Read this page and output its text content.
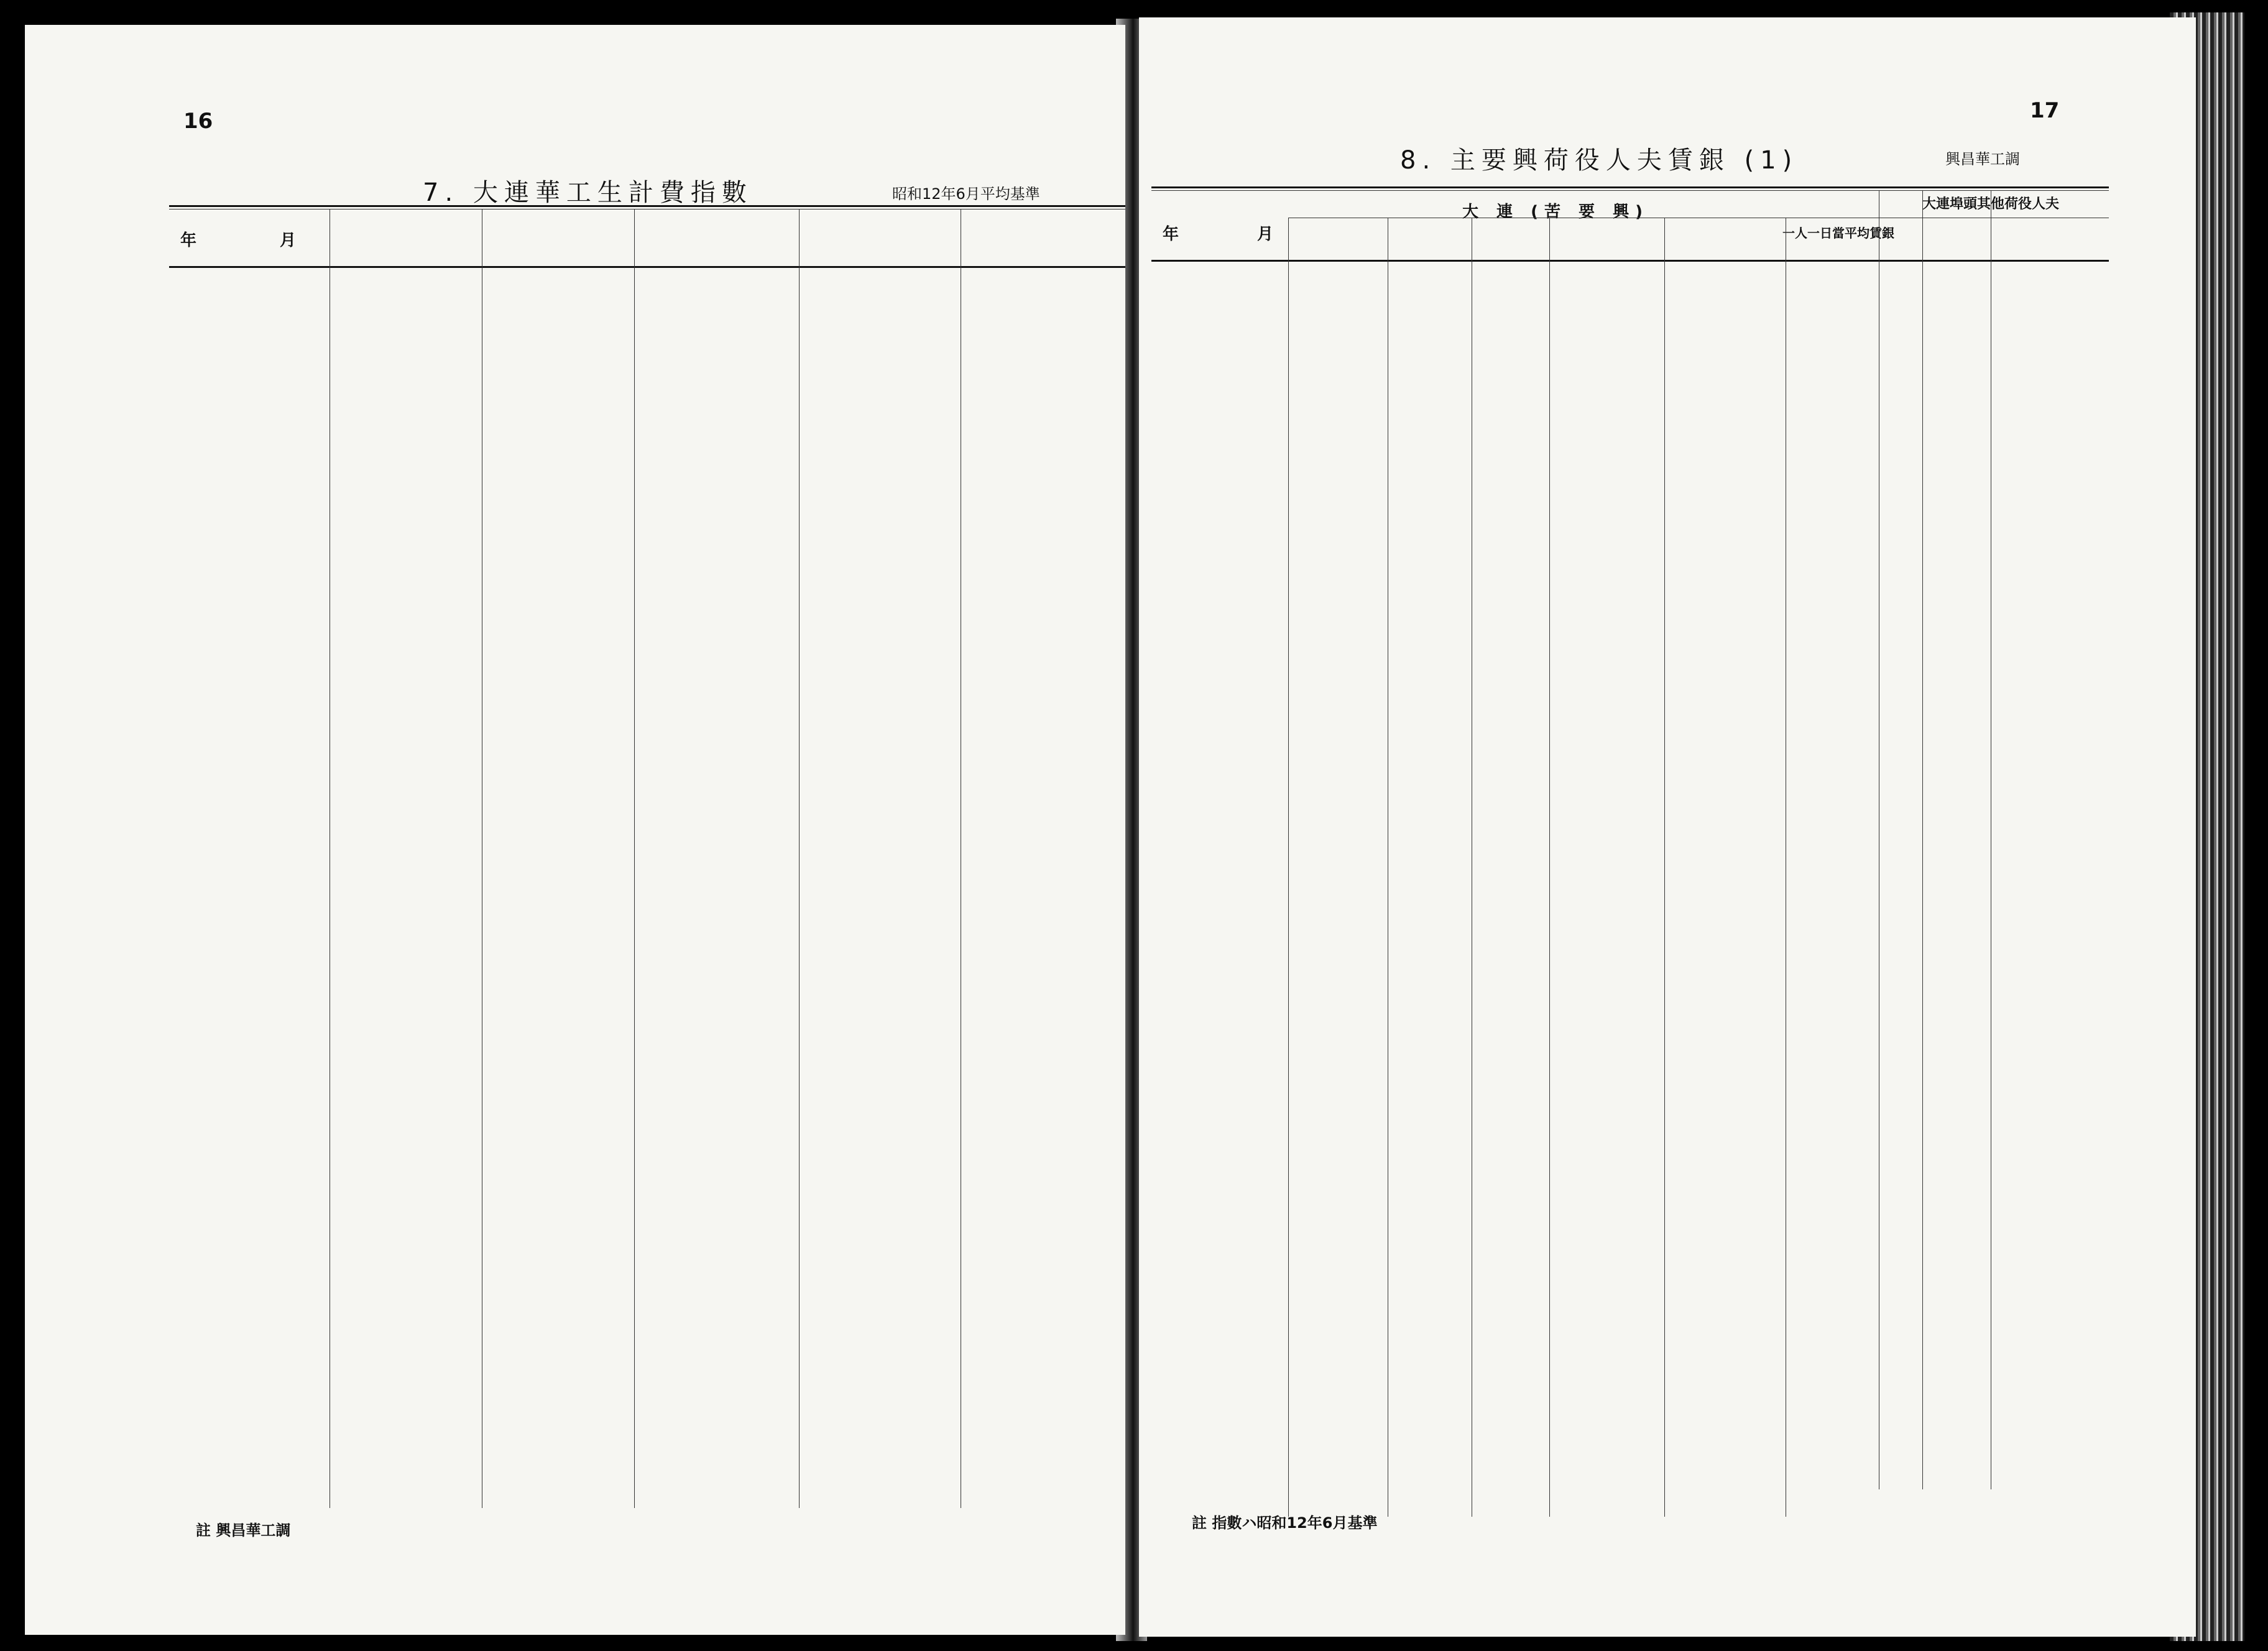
16
7. 大連華工生計費指數	昭和12年6月平均基準
年	月
註 興昌華工調
17
8. 主要興荷役人夫賃銀 (1)	興昌華工調
年	月
大 連 (苦 要 興)	大連埠頭其他荷役人夫
一人一日當平均賃銀
註 指數ハ昭和12年6月基準
